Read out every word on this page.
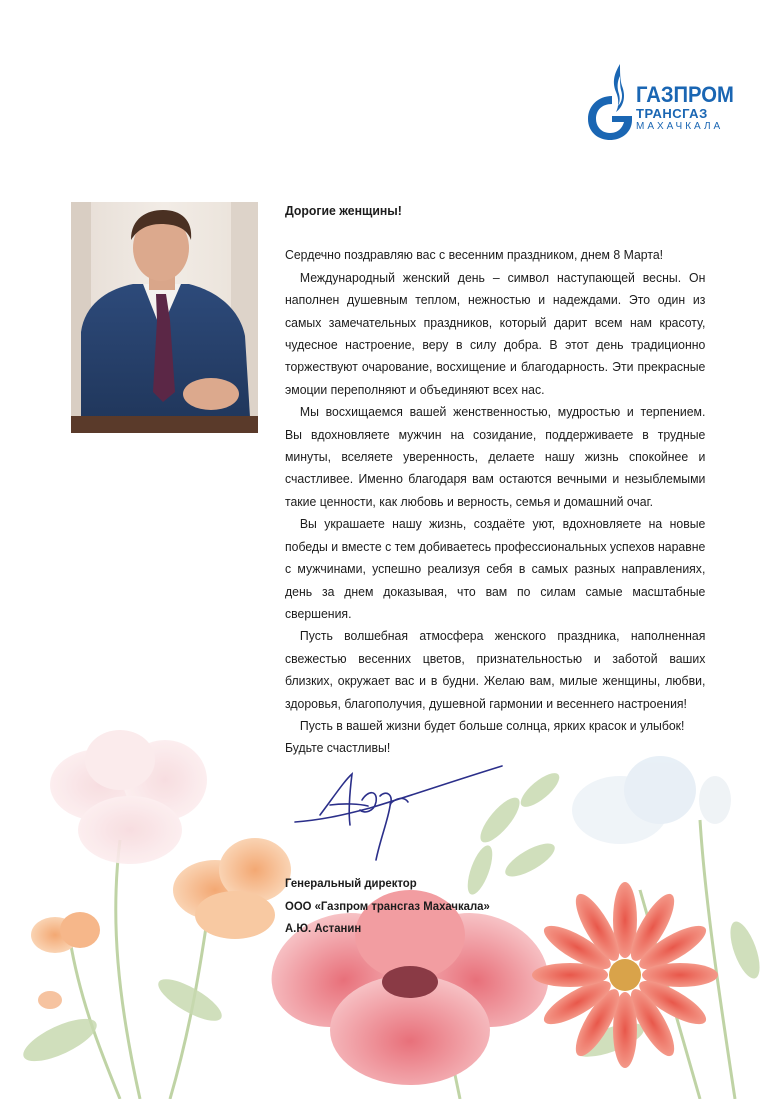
ГАЗПРОМ
ТРАНСГАЗ
МАХАЧКАЛА
Дорогие женщины!

Сердечно поздравляю вас с весенним праздником, днем 8 Марта!

Международный женский день – символ наступающей весны. Он наполнен душевным теплом, нежностью и надеждами. Это один из самых замечательных праздников, который дарит всем нам красоту, чудесное настроение, веру в силу добра. В этот день традиционно торжествуют очарование, восхищение и благодарность. Эти прекрасные эмоции переполняют и объединяют всех нас.

Мы восхищаемся вашей женственностью, мудростью и терпением. Вы вдохновляете мужчин на созидание, поддерживаете в трудные минуты, вселяете уверенность, делаете нашу жизнь спокойнее и счастливее. Именно благодаря вам остаются вечными и незыблемыми такие ценности, как любовь и верность, семья и домашний очаг.

Вы украшаете нашу жизнь, создаёте уют, вдохновляете на новые победы и вместе с тем добиваетесь профессиональных успехов наравне с мужчинами, успешно реализуя себя в самых разных направлениях, день за днем доказывая, что вам по силам самые масштабные свершения.

Пусть волшебная атмосфера женского праздника, наполненная свежестью весенних цветов, признательностью и заботой ваших близких, окружает вас и в будни. Желаю вам, милые женщины, любви, здоровья, благополучия, душевной гармонии и весеннего настроения!

Пусть в вашей жизни будет больше солнца, ярких красок и улыбок!

Будьте счастливы!

Генеральный директор
ООО «Газпром трансгаз Махачкала»
А.Ю. Астанин
